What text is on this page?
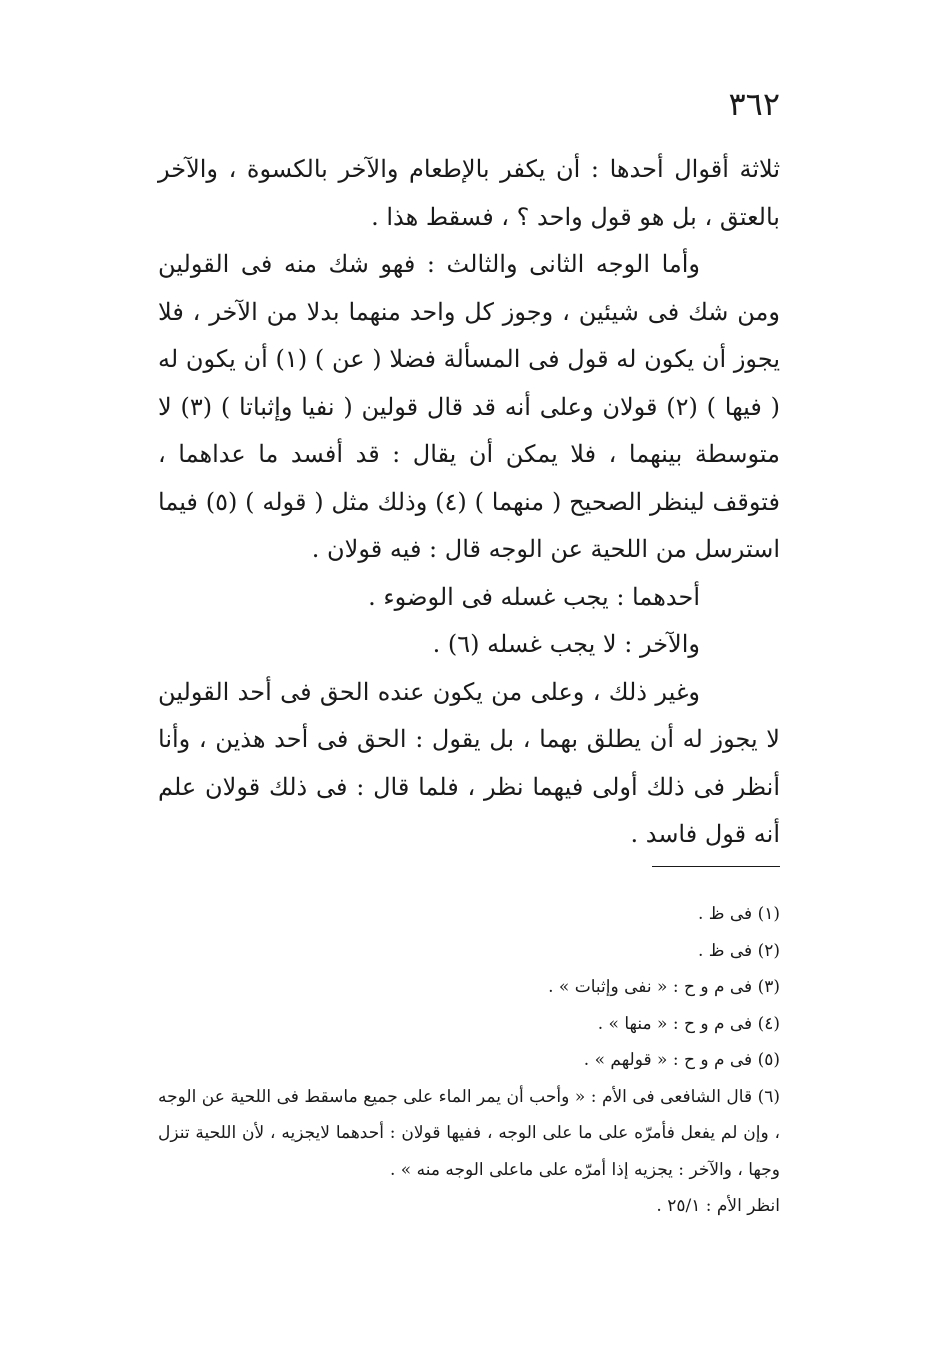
٣٦٢

ثلاثة أقوال أحدها : أن يكفر بالإطعام والآخر بالكسوة ، والآخر بالعتق ، بل هو قول واحد ؟ ، فسقط هذا .

وأما الوجه الثانى والثالث : فهو شك منه فى القولين ومن شك فى شيئين ، وجوز كل واحد منهما بدلا من الآخر ، فلا يجوز أن يكون له قول فى المسألة فضلا ( عن ) (١) أن يكون له ( فيها ) (٢) قولان وعلى أنه قد قال قولين ( نفيا وإثباتا ) (٣) لا متوسطة بينهما ، فلا يمكن أن يقال : قد أفسد ما عداهما ، فتوقف لينظر الصحيح ( منهما ) (٤) وذلك مثل ( قوله ) (٥) فيما استرسل من اللحية عن الوجه قال : فيه قولان .

أحدهما : يجب غسله فى الوضوء .

والآخر : لا يجب غسله (٦) .

وغير ذلك ، وعلى من يكون عنده الحق فى أحد القولين لا يجوز له أن يطلق بهما ، بل يقول : الحق فى أحد هذين ، وأنا أنظر فى ذلك أولى فيهما نظر ، فلما قال : فى ذلك قولان علم أنه قول فاسد .

(١) فى ظ .

(٢) فى ظ .

(٣) فى م و ح : « نفى وإثبات » .

(٤) فى م و ح : « منها » .

(٥) فى م و ح : « قولهم » .

(٦) قال الشافعى فى الأم : « وأحب أن يمر الماء على جميع ماسقط فى اللحية عن الوجه ، وإن لم يفعل فأمرّه على ما على الوجه ، ففيها قولان : أحدهما لايجزيه ، لأن اللحية تنزل وجها ، والآخر : يجزيه إذا أمرّه على ماعلى الوجه منه » .

انظر الأم : ٢٥/١ .
